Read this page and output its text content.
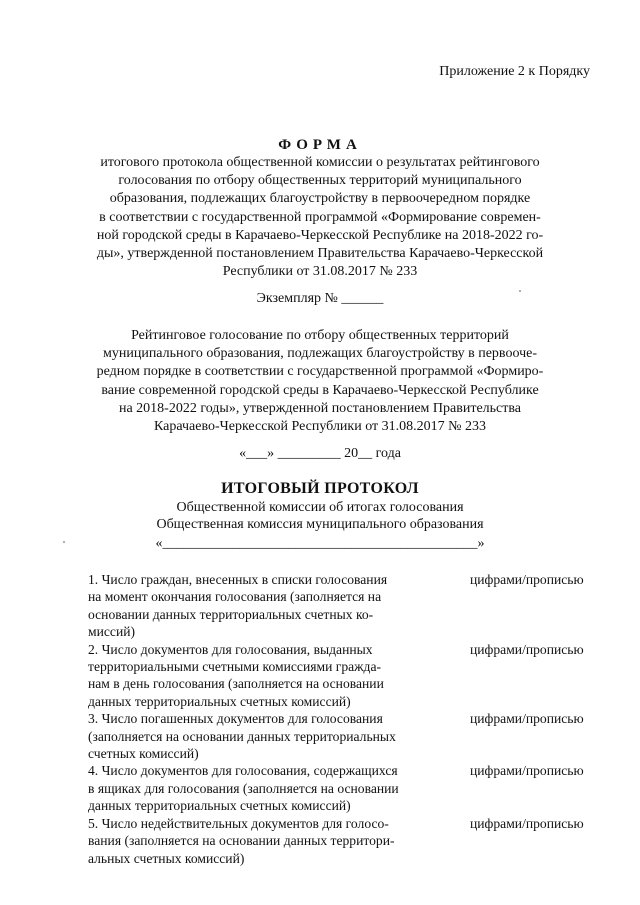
Приложение 2 к Порядку
ФОРМА
итогового протокола общественной комиссии о результатах рейтингового
голосования по отбору общественных территорий муниципального
образования, подлежащих благоустройству в первоочередном порядке
в соответствии с государственной программой «Формирование современ-
ной городской среды в Карачаево-Черкесской Республике на 2018-2022 го-
ды», утвержденной постановлением Правительства Карачаево-Черкесской
Республики от 31.08.2017 № 233
Экземпляр № ______
Рейтинговое голосование по отбору общественных территорий
муниципального образования, подлежащих благоустройству в первооче-
редном порядке в соответствии с государственной программой «Формиро-
вание современной городской среды в Карачаево-Черкесской Республике
на 2018-2022 годы», утвержденной постановлением Правительства
Карачаево-Черкесской Республики от 31.08.2017 № 233
«___» _________ 20__ года
ИТОГОВЫЙ ПРОТОКОЛ
Общественной комиссии об итогах голосования
Общественная комиссия муниципального образования
«_____________________________________________»
1. Число граждан, внесенных в списки голосования
на момент окончания голосования (заполняется на
основании данных территориальных счетных ко-
миссий)
цифрами/прописью
2. Число документов для голосования, выданных
территориальными счетными комиссиями гражда-
нам в день голосования (заполняется на основании
данных территориальных счетных комиссий)
цифрами/прописью
3. Число погашенных документов для голосования
(заполняется на основании данных территориальных
счетных комиссий)
цифрами/прописью
4. Число документов для голосования, содержащихся
в ящиках для голосования (заполняется на основании
данных территориальных счетных комиссий)
цифрами/прописью
5. Число недействительных документов для голосо-
вания (заполняется на основании данных территори-
альных счетных комиссий)
цифрами/прописью
